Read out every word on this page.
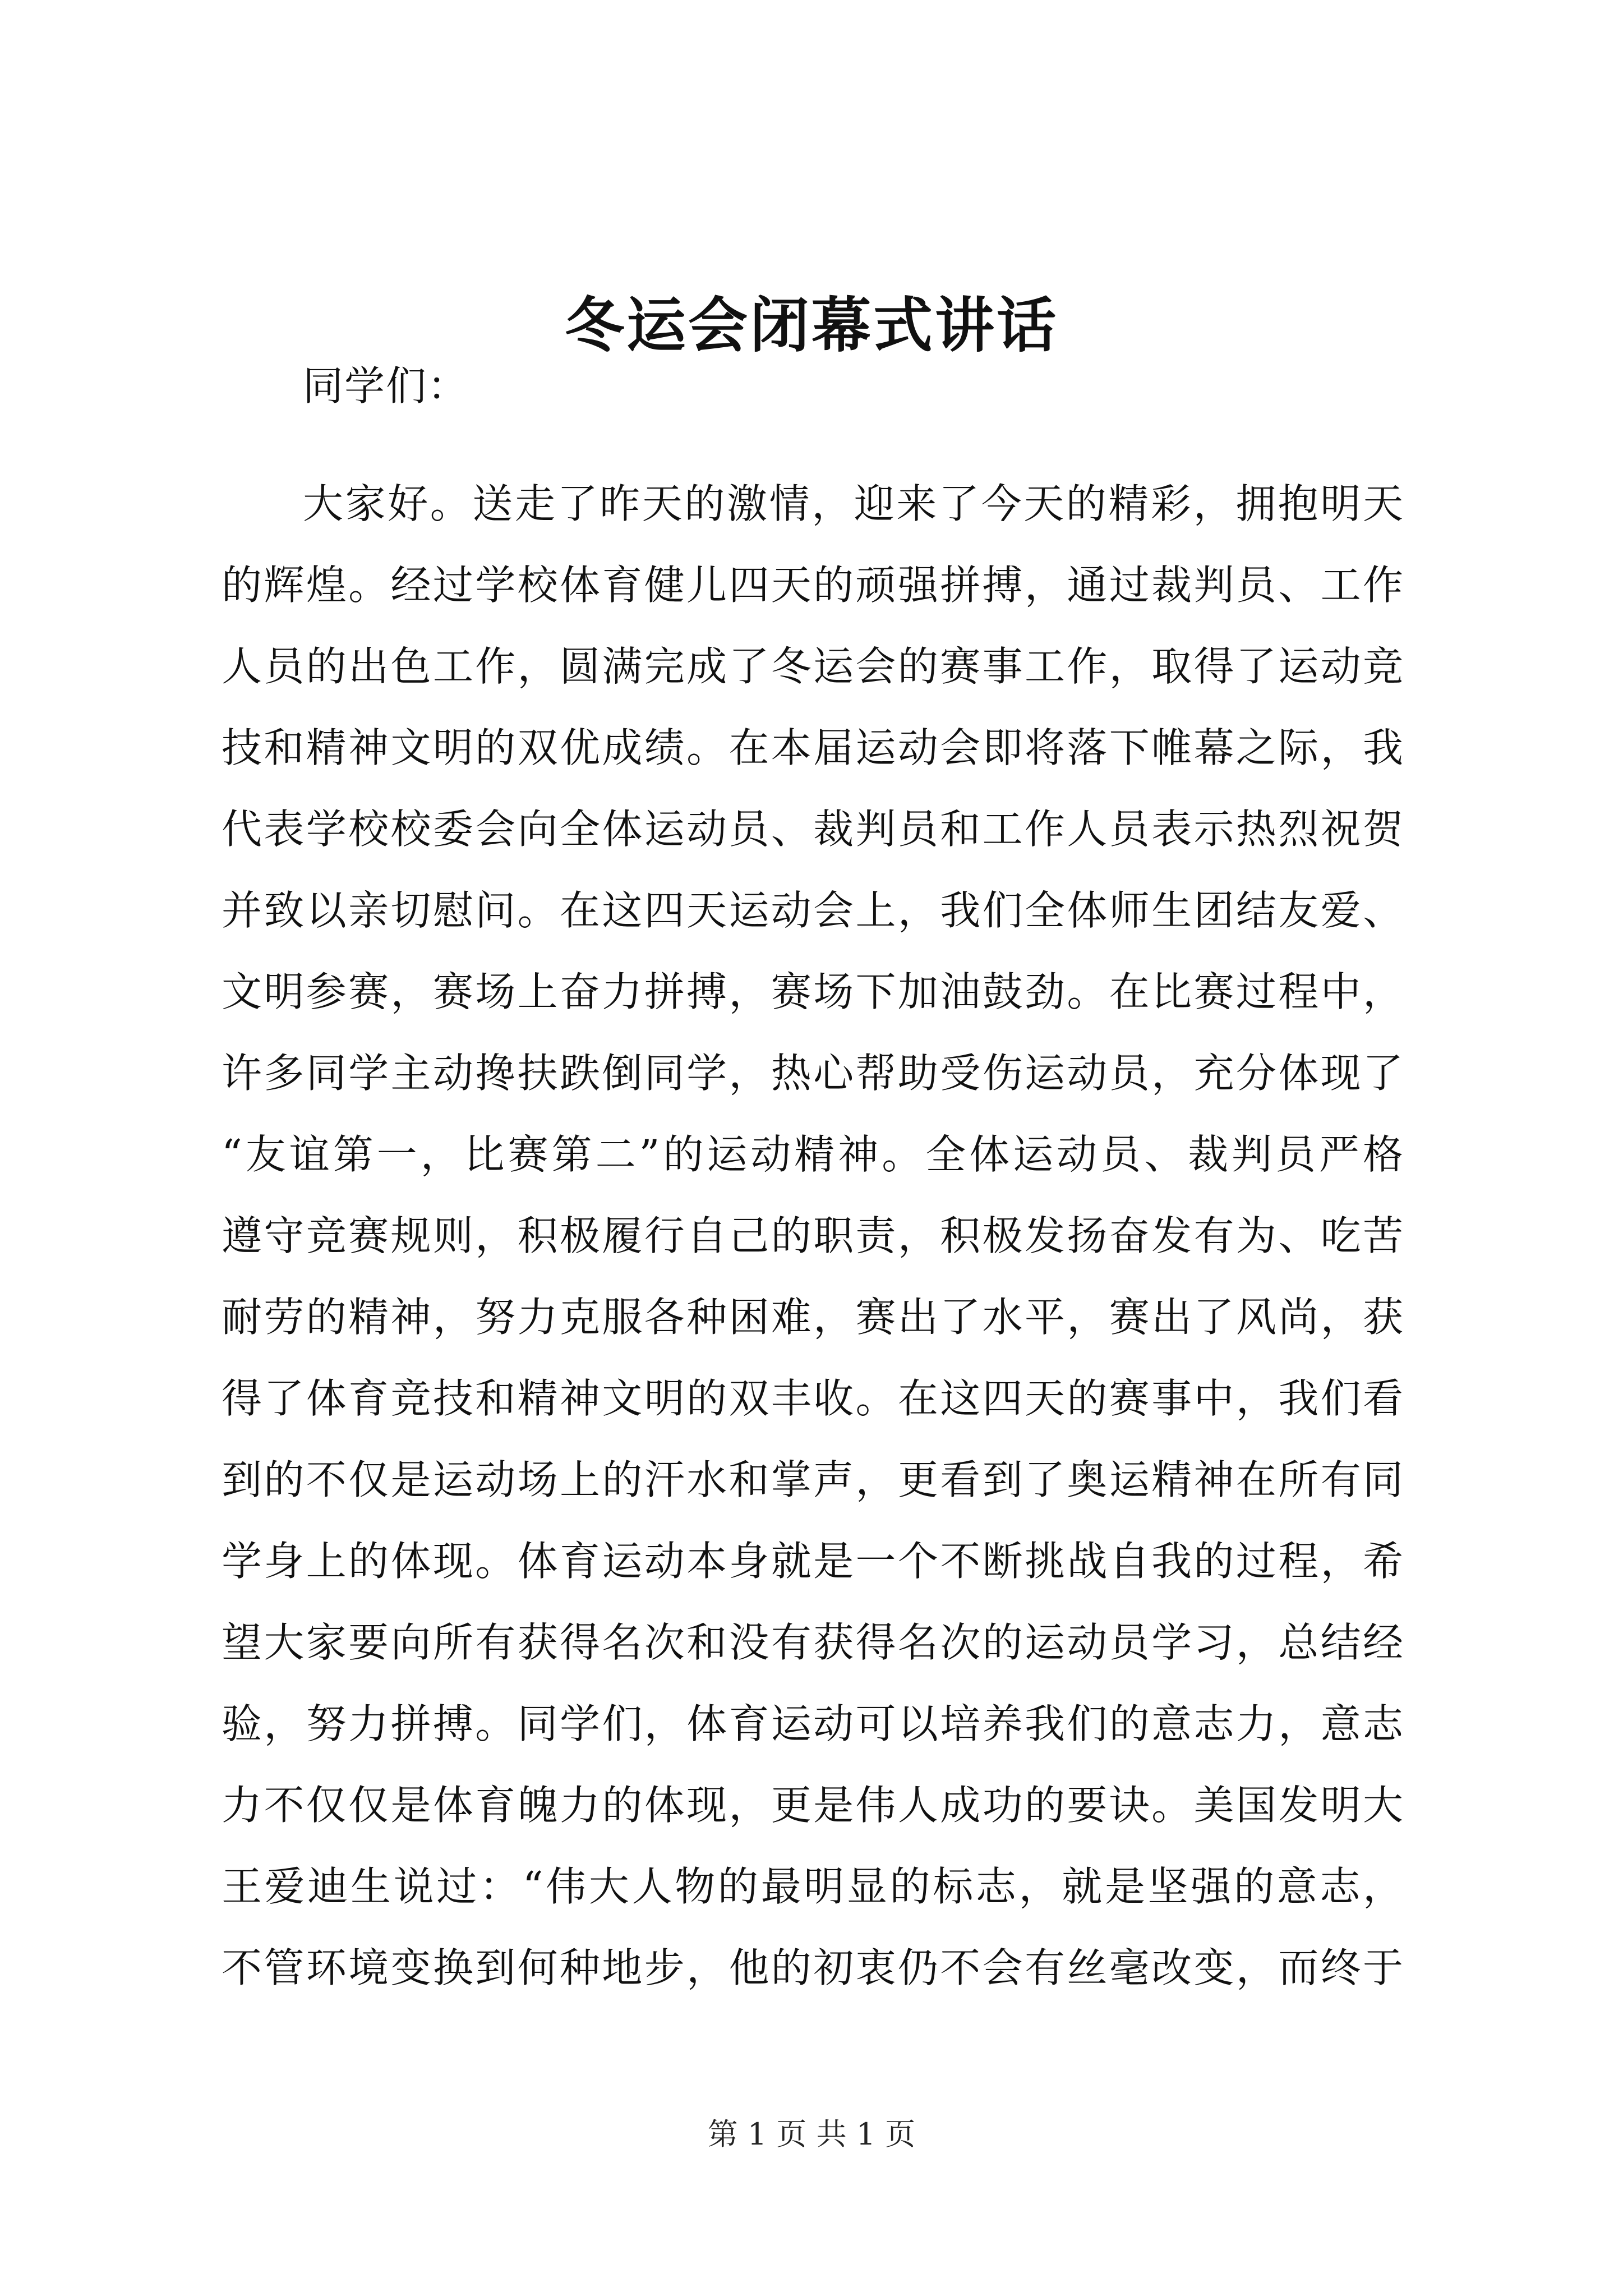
冬运会闭幕式讲话
同学们：
大家好。送走了昨天的激情，迎来了今天的精彩，拥抱明天
的辉煌。经过学校体育健儿四天的顽强拼搏，通过裁判员、工作
人员的出色工作，圆满完成了冬运会的赛事工作，取得了运动竞
技和精神文明的双优成绩。在本届运动会即将落下帷幕之际，我
代表学校校委会向全体运动员、裁判员和工作人员表示热烈祝贺
并致以亲切慰问。在这四天运动会上，我们全体师生团结友爱、
文明参赛，赛场上奋力拼搏，赛场下加油鼓劲。在比赛过程中，
许多同学主动搀扶跌倒同学，热心帮助受伤运动员，充分体现了
“友谊第一，比赛第二”的运动精神。全体运动员、裁判员严格
遵守竞赛规则，积极履行自己的职责，积极发扬奋发有为、吃苦
耐劳的精神，努力克服各种困难，赛出了水平，赛出了风尚，获
得了体育竞技和精神文明的双丰收。在这四天的赛事中，我们看
到的不仅是运动场上的汗水和掌声，更看到了奥运精神在所有同
学身上的体现。体育运动本身就是一个不断挑战自我的过程，希
望大家要向所有获得名次和没有获得名次的运动员学习，总结经
验，努力拼搏。同学们，体育运动可以培养我们的意志力，意志
力不仅仅是体育魄力的体现，更是伟人成功的要诀。美国发明大
王爱迪生说过：“伟大人物的最明显的标志，就是坚强的意志，
不管环境变换到何种地步，他的初衷仍不会有丝毫改变，而终于
第 1 页 共 1 页
